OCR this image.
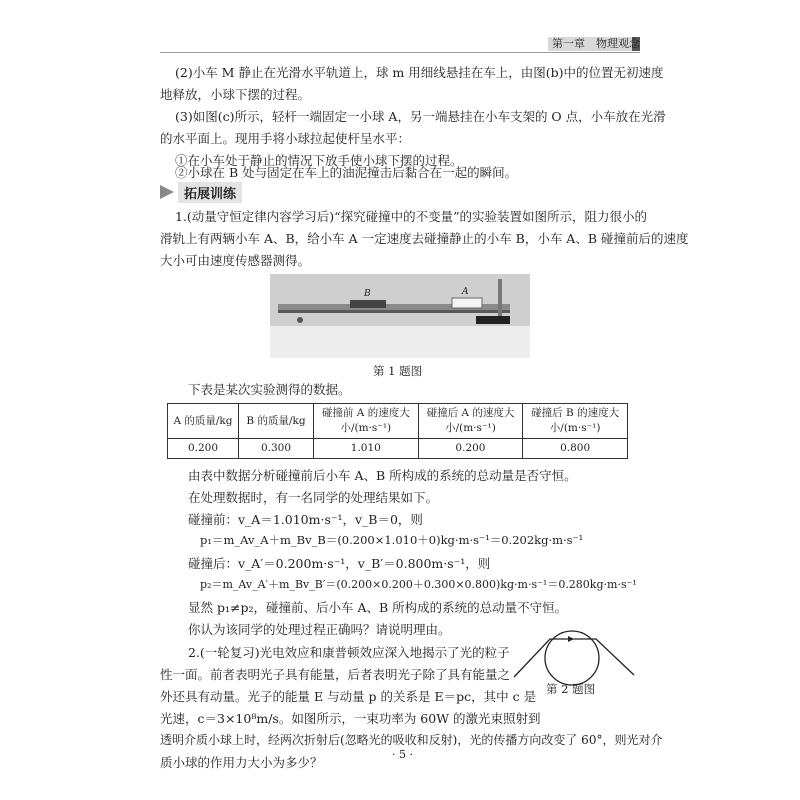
第一章　物理观念
(2)小车 M 静止在光滑水平轨道上，球 m 用细线悬挂在车上，由图(b)中的位置无初速度
地释放，小球下摆的过程。
(3)如图(c)所示，轻杆一端固定一小球 A，另一端悬挂在小车支架的 O 点，小车放在光滑
的水平面上。现用手将小球拉起使杆呈水平：
①在小车处于静止的情况下放手使小球下摆的过程。
②小球在 B 处与固定在车上的油泥撞击后黏合在一起的瞬间。
拓展训练
1.(动量守恒定律内容学习后)“探究碰撞中的不变量”的实验装置如图所示，阻力很小的
滑轨上有两辆小车 A、B，给小车 A 一定速度去碰撞静止的小车 B，小车 A、B 碰撞前后的速度
大小可由速度传感器测得。
B	A
第 1 题图
下表是某次实验测得的数据。
A 的质量/kg	B 的质量/kg	碰撞前 A 的速度大小/(m·s⁻¹)	碰撞后 A 的速度大小/(m·s⁻¹)	碰撞后 B 的速度大小/(m·s⁻¹)
0.200	0.300	1.010	0.200	0.800
由表中数据分析碰撞前后小车 A、B 所构成的系统的总动量是否守恒。
在处理数据时，有一名同学的处理结果如下。
碰撞前：v_A＝1.010m·s⁻¹，v_B＝0，则
p₁＝m_Av_A＋m_Bv_B＝(0.200×1.010＋0)kg·m·s⁻¹＝0.202kg·m·s⁻¹
碰撞后：v_A′＝0.200m·s⁻¹，v_B′＝0.800m·s⁻¹，则
p₂＝m_Av_A′＋m_Bv_B′＝(0.200×0.200＋0.300×0.800)kg·m·s⁻¹＝0.280kg·m·s⁻¹
显然 p₁≠p₂，碰撞前、后小车 A、B 所构成的系统的总动量不守恒。
你认为该同学的处理过程正确吗？请说明理由。
2.(一轮复习)光电效应和康普顿效应深入地揭示了光的粒子
性一面。前者表明光子具有能量，后者表明光子除了具有能量之
外还具有动量。光子的能量 E 与动量 p 的关系是 E＝pc，其中 c 是
光速，c＝3×10⁸m/s。如图所示，一束功率为 60W 的激光束照射到
透明介质小球上时，经两次折射后(忽略光的吸收和反射)，光的传播方向改变了 60°，则光对介
质小球的作用力大小为多少？
第 2 题图
· 5 ·
